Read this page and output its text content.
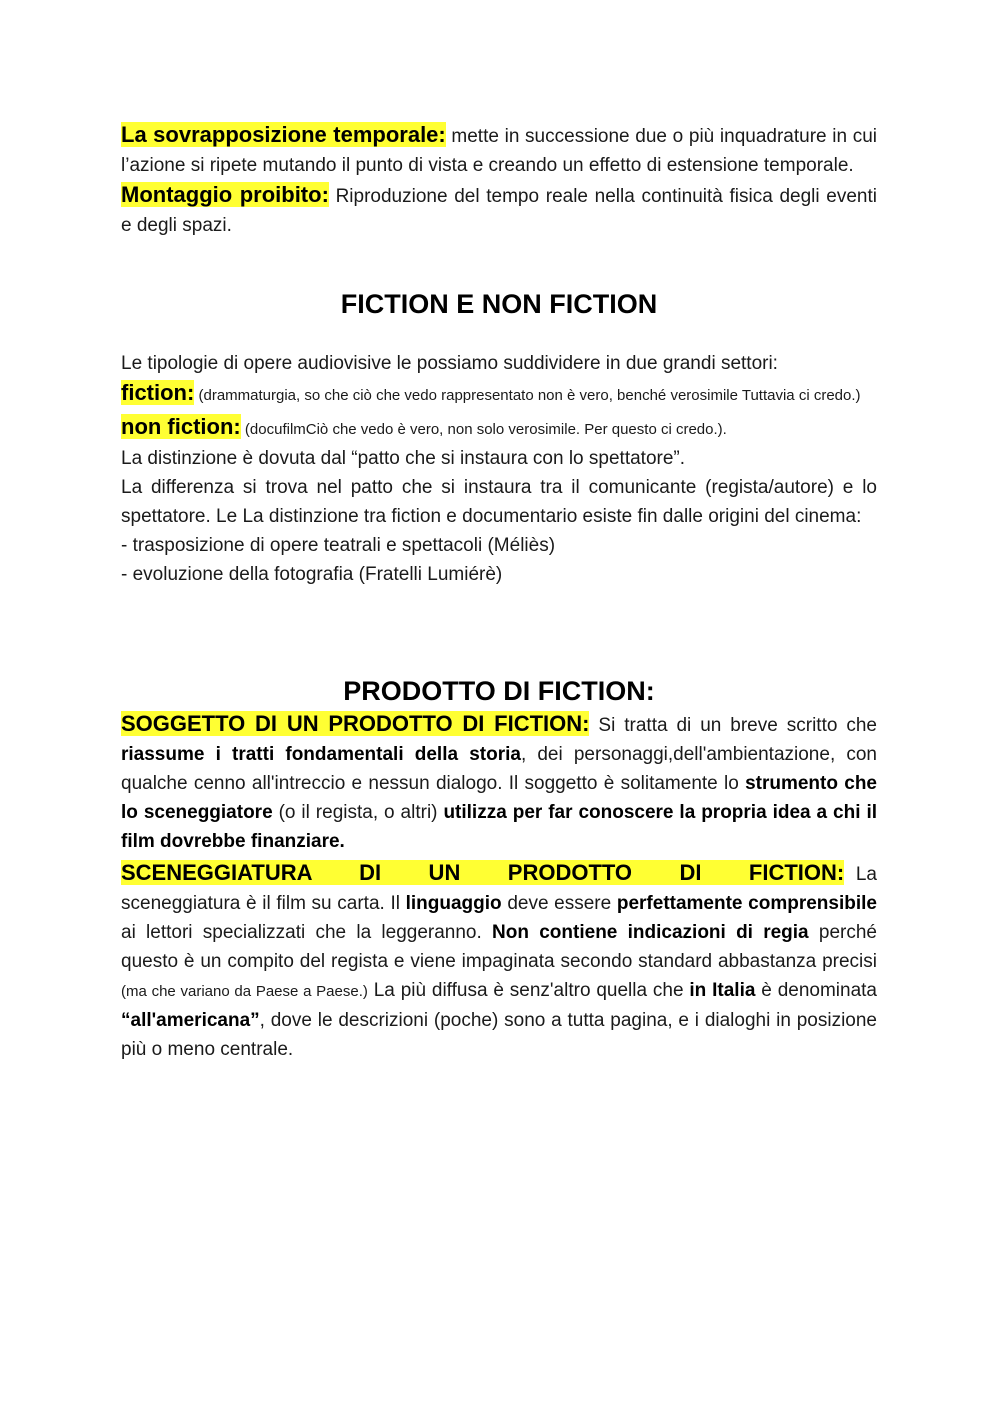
La sovrapposizione temporale: mette in successione due o più inquadrature in cui l’azione si ripete mutando il punto di vista e creando un effetto di estensione temporale.

Montaggio proibito: Riproduzione del tempo reale nella continuità fisica degli eventi e degli spazi.

FICTION E NON FICTION

Le tipologie di opere audiovisive le possiamo suddividere in due grandi settori:

fiction: (drammaturgia, so che ciò che vedo rappresentato non è vero, benché verosimile Tuttavia ci credo.)

non fiction: (docufilmCiò che vedo è vero, non solo verosimile. Per questo ci credo.).

La distinzione è dovuta dal “patto che si instaura con lo spettatore”.

La differenza si trova nel patto che si instaura tra il comunicante (regista/autore) e lo spettatore. Le La distinzione tra fiction e documentario esiste fin dalle origini del cinema:

- trasposizione di opere teatrali e spettacoli (Méliès)

- evoluzione della fotografia (Fratelli Lumiérè)

PRODOTTO DI FICTION:

SOGGETTO DI UN PRODOTTO DI FICTION: Si tratta di un breve scritto che riassume i tratti fondamentali della storia, dei personaggi,dell'ambientazione, con qualche cenno all'intreccio e nessun dialogo. Il soggetto è solitamente lo strumento che lo sceneggiatore (o il regista, o altri) utilizza per far conoscere la propria idea a chi il film dovrebbe finanziare.

SCENEGGIATURA DI UN PRODOTTO DI FICTION: La sceneggiatura è il film su carta. Il linguaggio deve essere perfettamente comprensibile ai lettori specializzati che la leggeranno. Non contiene indicazioni di regia perché questo è un compito del regista e viene impaginata secondo standard abbastanza precisi (ma che variano da Paese a Paese.) La più diffusa è senz'altro quella che in Italia è denominata “all'americana”, dove le descrizioni (poche) sono a tutta pagina, e i dialoghi in posizione più o meno centrale.
